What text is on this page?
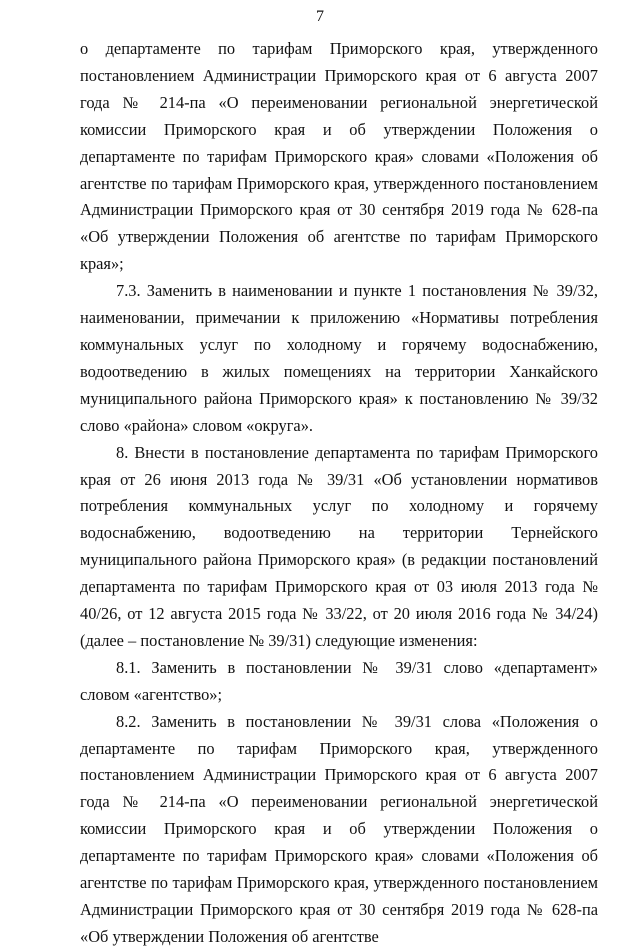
7

о департаменте по тарифам Приморского края, утвержденного постановлением Администрации Приморского края от 6 августа 2007 года № 214-па «О переименовании региональной энергетической комиссии Приморского края и об утверждении Положения о департаменте по тарифам Приморского края» словами «Положения об агентстве по тарифам Приморского края, утвержденного постановлением Администрации Приморского края от 30 сентября 2019 года № 628-па «Об утверждении Положения об агентстве по тарифам Приморского края»;

7.3. Заменить в наименовании и пункте 1 постановления № 39/32, наименовании, примечании к приложению «Нормативы потребления коммунальных услуг по холодному и горячему водоснабжению, водоотведению в жилых помещениях на территории Ханкайского муниципального района Приморского края» к постановлению № 39/32 слово «района» словом «округа».

8. Внести в постановление департамента по тарифам Приморского края от 26 июня 2013 года № 39/31 «Об установлении нормативов потребления коммунальных услуг по холодному и горячему водоснабжению, водоотведению на территории Тернейского муниципального района Приморского края» (в редакции постановлений департамента по тарифам Приморского края от 03 июля 2013 года № 40/26, от 12 августа 2015 года № 33/22, от 20 июля 2016 года № 34/24) (далее – постановление № 39/31) следующие изменения:

8.1. Заменить в постановлении № 39/31 слово «департамент» словом «агентство»;

8.2. Заменить в постановлении № 39/31 слова «Положения о департаменте по тарифам Приморского края, утвержденного постановлением Администрации Приморского края от 6 августа 2007 года № 214-па «О переименовании региональной энергетической комиссии Приморского края и об утверждении Положения о департаменте по тарифам Приморского края» словами «Положения об агентстве по тарифам Приморского края, утвержденного постановлением Администрации Приморского края от 30 сентября 2019 года № 628-па «Об утверждении Положения об агентстве
